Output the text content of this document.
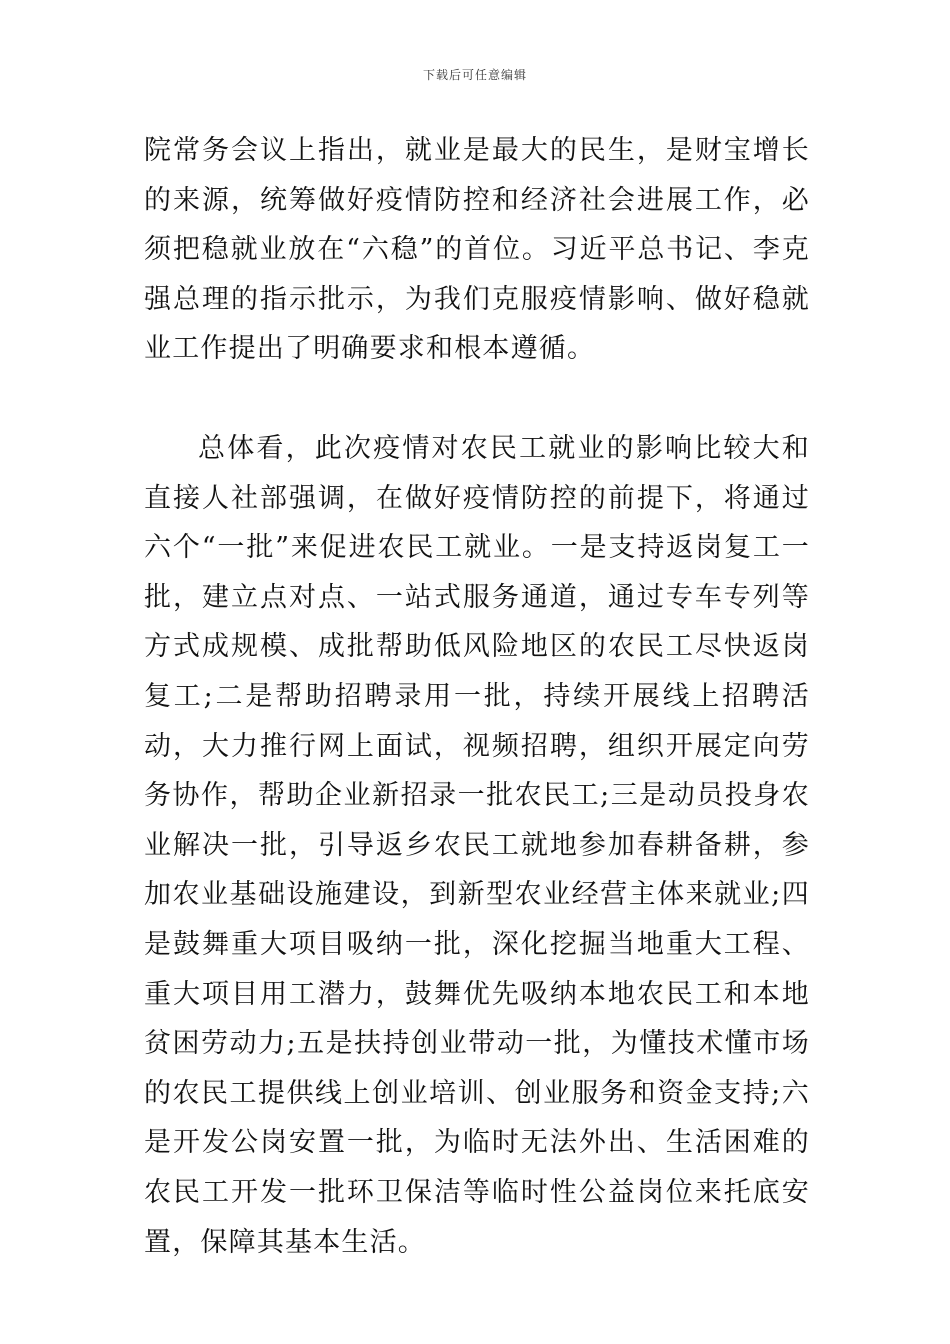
下载后可任意编辑

院常务会议上指出，就业是最大的民生，是财宝增长的来源，统筹做好疫情防控和经济社会进展工作，必须把稳就业放在“六稳”的首位。习近平总书记、李克强总理的指示批示，为我们克服疫情影响、做好稳就业工作提出了明确要求和根本遵循。

总体看，此次疫情对农民工就业的影响比较大和直接人社部强调，在做好疫情防控的前提下，将通过六个“一批”来促进农民工就业。一是支持返岗复工一批，建立点对点、一站式服务通道，通过专车专列等方式成规模、成批帮助低风险地区的农民工尽快返岗复工;二是帮助招聘录用一批，持续开展线上招聘活动，大力推行网上面试，视频招聘，组织开展定向劳务协作，帮助企业新招录一批农民工;三是动员投身农业解决一批，引导返乡农民工就地参加春耕备耕，参加农业基础设施建设，到新型农业经营主体来就业;四是鼓舞重大项目吸纳一批，深化挖掘当地重大工程、重大项目用工潜力，鼓舞优先吸纳本地农民工和本地贫困劳动力;五是扶持创业带动一批，为懂技术懂市场的农民工提供线上创业培训、创业服务和资金支持;六是开发公岗安置一批，为临时无法外出、生活困难的农民工开发一批环卫保洁等临时性公益岗位来托底安置，保障其基本生活。
